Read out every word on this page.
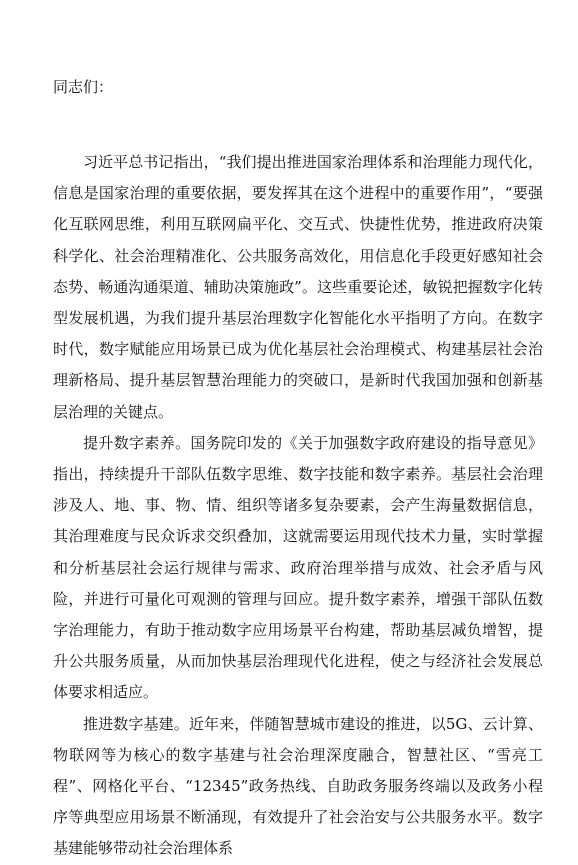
同志们：

习近平总书记指出，“我们提出推进国家治理体系和治理能力现代化，信息是国家治理的重要依据，要发挥其在这个进程中的重要作用”，“要强化互联网思维，利用互联网扁平化、交互式、快捷性优势，推进政府决策科学化、社会治理精准化、公共服务高效化，用信息化手段更好感知社会态势、畅通沟通渠道、辅助决策施政”。这些重要论述，敏锐把握数字化转型发展机遇，为我们提升基层治理数字化智能化水平指明了方向。在数字时代，数字赋能应用场景已成为优化基层社会治理模式、构建基层社会治理新格局、提升基层智慧治理能力的突破口，是新时代我国加强和创新基层治理的关键点。

提升数字素养。国务院印发的《关于加强数字政府建设的指导意见》指出，持续提升干部队伍数字思维、数字技能和数字素养。基层社会治理涉及人、地、事、物、情、组织等诸多复杂要素，会产生海量数据信息，其治理难度与民众诉求交织叠加，这就需要运用现代技术力量，实时掌握和分析基层社会运行规律与需求、政府治理举措与成效、社会矛盾与风险，并进行可量化可观测的管理与回应。提升数字素养，增强干部队伍数字治理能力，有助于推动数字应用场景平台构建，帮助基层减负增智，提升公共服务质量，从而加快基层治理现代化进程，使之与经济社会发展总体要求相适应。

推进数字基建。近年来，伴随智慧城市建设的推进，以5G、云计算、物联网等为核心的数字基建与社会治理深度融合，智慧社区、“雪亮工程”、网格化平台、“12345”政务热线、自助政务服务终端以及政务小程序等典型应用场景不断涌现，有效提升了社会治安与公共服务水平。数字基建能够带动社会治理体系
